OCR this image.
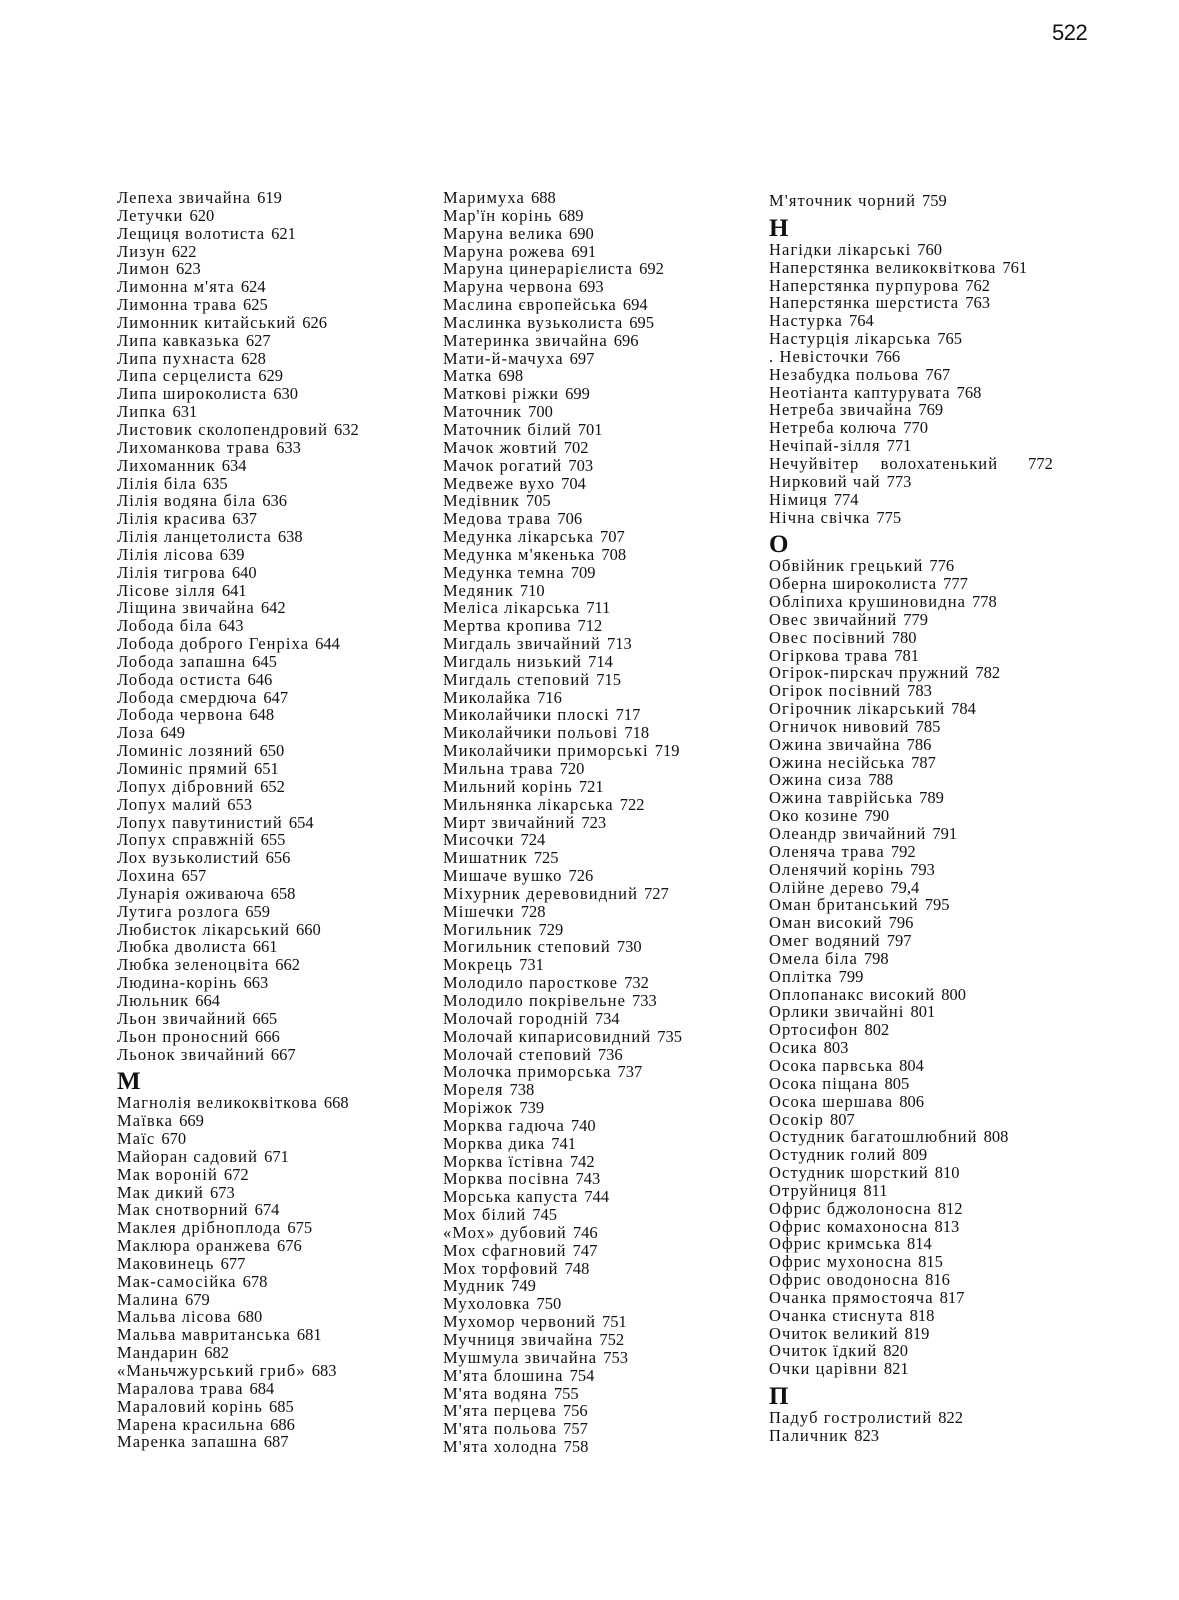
522
Лепеха звичайна 619
Летучки 620
Лещиця волотиста 621
Лизун 622
Лимон 623
Лимонна м'ята 624
Лимонна трава 625
Лимонник китайський 626
Липа кавказька 627
Липа пухнаста 628
Липа серцелиста 629
Липа широколиста 630
Липка 631
Листовик сколопендровий 632
Лихоманкова трава 633
Лихоманник 634
Лілія біла 635
Лілія водяна біла 636
Лілія красива 637
Лілія ланцетолиста 638
Лілія лісова 639
Лілія тигрова 640
Лісове зілля 641
Ліщина звичайна 642
Лобода біла 643
Лобода доброго Генріха 644
Лобода запашна 645
Лобода остиста 646
Лобода смердюча 647
Лобода червона 648
Лоза 649
Ломиніс лозяний 650
Ломиніс прямий 651
Лопух дібровний 652
Лопух малий 653
Лопух павутинистий 654
Лопух справжній 655
Лох вузьколистий 656
Лохина 657
Лунарія оживаюча 658
Лутига розлога 659
Любисток лікарський 660
Любка дволиста 661
Любка зеленоцвіта 662
Людина-корінь 663
Люльник 664
Льон звичайний 665
Льон проносний 666
Льонок звичайний 667
М
Магнолія великоквіткова 668
Маївка 669
Маїс 670
Майоран садовий 671
Мак вороній 672
Мак дикий 673
Мак снотворний 674
Маклея дрібноплода 675
Маклюра оранжева 676
Маковинець 677
Мак-самосійка 678
Малина 679
Мальва лісова 680
Мальва мавританська 681
Мандарин 682
«Маньчжурський гриб» 683
Маралова трава 684
Мараловий корінь 685
Марена красильна 686
Маренка запашна 687
Маримуха 688
Мар'їн корінь 689
Маруна велика 690
Маруна рожева 691
Маруна цинерарієлиста 692
Маруна червона 693
Маслина європейська 694
Маслинка вузьколиста 695
Материнка звичайна 696
Мати-й-мачуха 697
Матка 698
Маткові ріжки 699
Маточник 700
Маточник білий 701
Мачок жовтий 702
Мачок рогатий 703
Медвеже вухо 704
Медівник 705
Медова трава 706
Медунка лікарська 707
Медунка м'якенька 708
Медунка темна 709
Медяник 710
Меліса лікарська 711
Мертва кропива 712
Мигдаль звичайний 713
Мигдаль низький 714
Мигдаль степовий 715
Миколайка 716
Миколайчики плоскі 717
Миколайчики польові 718
Миколайчики приморські 719
Мильна трава 720
Мильний корінь 721
Мильнянка лікарська 722
Мирт звичайний 723
Мисочки 724
Мишатник 725
Мишаче вушко 726
Міхурник деревовидний 727
Мішечки 728
Могильник 729
Могильник степовий 730
Мокрець 731
Молодило паросткове 732
Молодило покрівельне 733
Молочай городній 734
Молочай кипарисовидний 735
Молочай степовий 736
Молочка приморська 737
Мореля 738
Моріжок 739
Морква гадюча 740
Морква дика 741
Морква їстівна 742
Морква посівна 743
Морська капуста 744
Мох білий 745
«Мох» дубовий 746
Мох сфагновий 747
Мох торфовий 748
Мудник 749
Мухоловка 750
Мухомор червоний 751
Мучниця звичайна 752
Мушмула звичайна 753
М'ята блошина 754
М'ята водяна 755
М'ята перцева 756
М'ята польова 757
М'ята холодна 758
М'яточник чорний 759
Н
Нагідки лікарські 760
Наперстянка великоквіткова 761
Наперстянка пурпурова 762
Наперстянка шерстиста 763
Настурка 764
Настурція лікарська 765
. Невісточки 766
Незабудка польова 767
Неотіанта каптурувата 768
Нетреба звичайна 769
Нетреба колюча 770
Нечіпай-зілля 771
Нечуйвітер волохатенький 772
Нирковий чай 773
Німиця 774
Нічна свічка 775
О
Обвійник грецький 776
Оберна широколиста 777
Обліпиха крушиновидна 778
Овес звичайний 779
Овес посівний 780
Огіркова трава 781
Огірок-пирскач пружний 782
Огірок посівний 783
Огірочник лікарський 784
Огничок нивовий 785
Ожина звичайна 786
Ожина несійська 787
Ожина сиза 788
Ожина таврійська 789
Око козине 790
Олеандр звичайний 791
Оленяча трава 792
Оленячий корінь 793
Олійне дерево 79,4
Оман британський 795
Оман високий 796
Омег водяний 797
Омела біла 798
Оплітка 799
Оплопанакс високий 800
Орлики звичайні 801
Ортосифон 802
Осика 803
Осока парвська 804
Осока піщана 805
Осока шершава 806
Осокір 807
Остудник багатошлюбний 808
Остудник голий 809
Остудник шорсткий 810
Отруйниця 811
Офрис бджолоносна 812
Офрис комахоносна 813
Офрис кримська 814
Офрис мухоносна 815
Офрис оводоносна 816
Очанка прямостояча 817
Очанка стиснута 818
Очиток великий 819
Очиток їдкий 820
Очки царівни 821
П
Падуб гостролистий 822
Паличник 823
